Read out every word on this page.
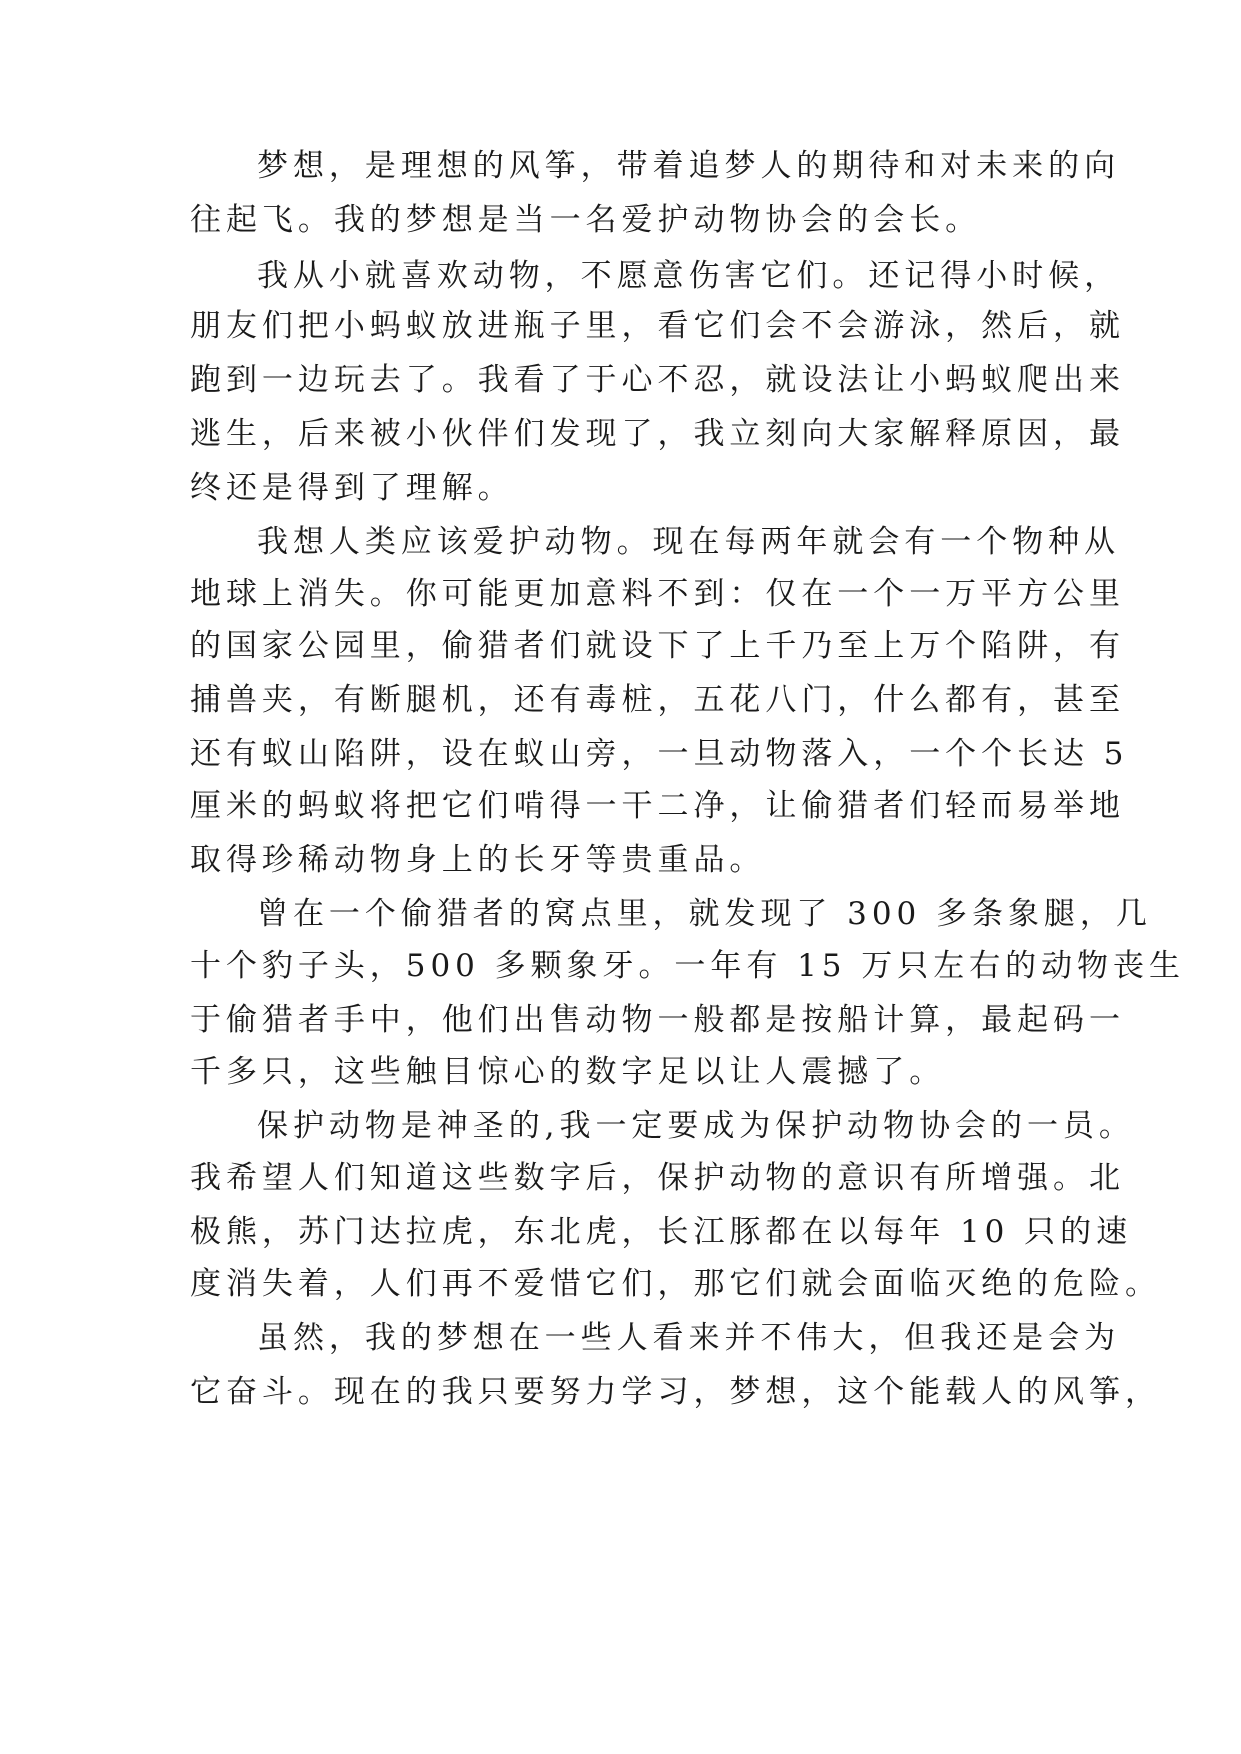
梦想，是理想的风筝，带着追梦人的期待和对未来的向
往起飞。我的梦想是当一名爱护动物协会的会长。
我从小就喜欢动物，不愿意伤害它们。还记得小时候，
朋友们把小蚂蚁放进瓶子里，看它们会不会游泳，然后，就
跑到一边玩去了。我看了于心不忍，就设法让小蚂蚁爬出来
逃生，后来被小伙伴们发现了，我立刻向大家解释原因，最
终还是得到了理解。
我想人类应该爱护动物。现在每两年就会有一个物种从
地球上消失。你可能更加意料不到：仅在一个一万平方公里
的国家公园里，偷猎者们就设下了上千乃至上万个陷阱，有
捕兽夹，有断腿机，还有毒桩，五花八门，什么都有，甚至
还有蚁山陷阱，设在蚁山旁，一旦动物落入，一个个长达 5
厘米的蚂蚁将把它们啃得一干二净，让偷猎者们轻而易举地
取得珍稀动物身上的长牙等贵重品。
曾在一个偷猎者的窝点里，就发现了 300 多条象腿，几
十个豹子头，500 多颗象牙。一年有 15 万只左右的动物丧生
于偷猎者手中，他们出售动物一般都是按船计算，最起码一
千多只，这些触目惊心的数字足以让人震撼了。
保护动物是神圣的,我一定要成为保护动物协会的一员。
我希望人们知道这些数字后，保护动物的意识有所增强。北
极熊，苏门达拉虎，东北虎，长江豚都在以每年 10 只的速
度消失着，人们再不爱惜它们，那它们就会面临灭绝的危险。
虽然，我的梦想在一些人看来并不伟大，但我还是会为
它奋斗。现在的我只要努力学习，梦想，这个能载人的风筝，
